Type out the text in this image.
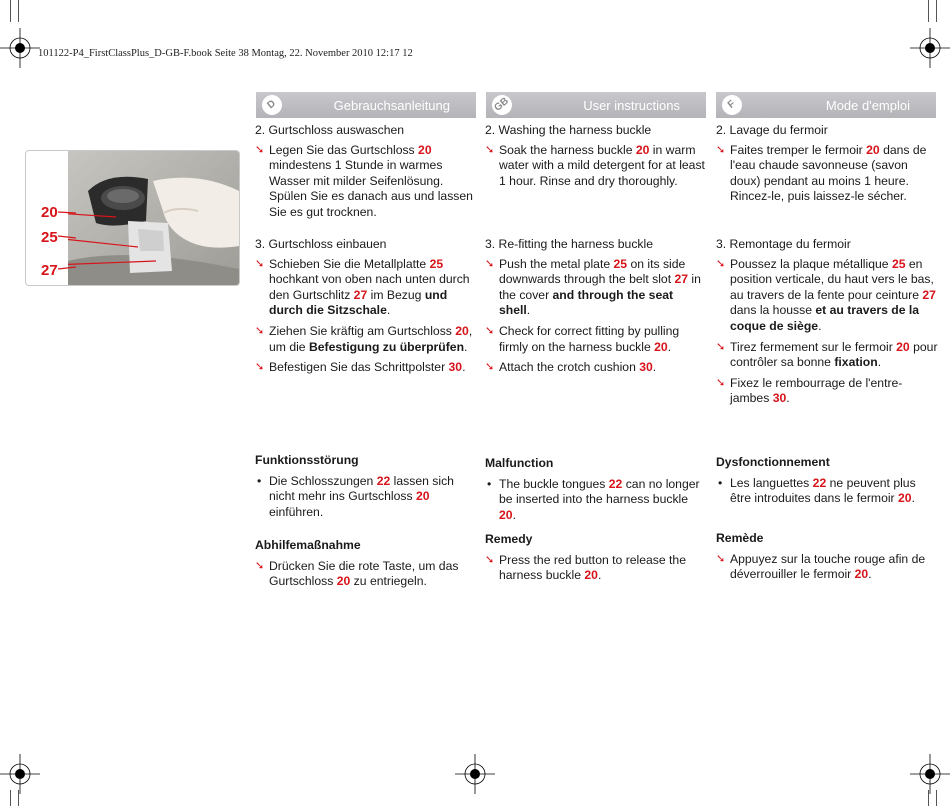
101122-P4_FirstClassPlus_D-GB-F.book Seite 38 Montag, 22. November 2010 12:17 12
20
25
27
D	Gebrauchsanleitung	GB	User instructions	F	Mode d'emploi

2. Gurtschloss auswaschen

➘ Legen Sie das Gurtschloss 20 mindestens 1 Stunde in warmes Wasser mit milder Seifenlösung. Spülen Sie es danach aus und lassen Sie es gut trocknen.

3. Gurtschloss einbauen

➘ Schieben Sie die Metallplatte 25 hochkant von oben nach unten durch den Gurtschlitz 27 im Bezug und durch die Sitzschale.

➘ Ziehen Sie kräftig am Gurtschloss 20, um die Befestigung zu überprüfen.

➘ Befestigen Sie das Schrittpolster 30.

Funktionsstörung

• Die Schlosszungen 22 lassen sich nicht mehr ins Gurtschloss 20 einführen.

Abhilfemaßnahme

➘ Drücken Sie die rote Taste, um das Gurtschloss 20 zu entriegeln.

2. Washing the harness buckle

➘ Soak the harness buckle 20 in warm water with a mild detergent for at least 1 hour. Rinse and dry thoroughly.

3. Re-fitting the harness buckle

➘ Push the metal plate 25 on its side downwards through the belt slot 27 in the cover and through the seat shell.

➘ Check for correct fitting by pulling firmly on the harness buckle 20.

➘ Attach the crotch cushion 30.

Malfunction

• The buckle tongues 22 can no longer be inserted into the harness buckle 20.

Remedy

➘ Press the red button to release the harness buckle 20.

2. Lavage du fermoir

➘ Faites tremper le fermoir 20 dans de l'eau chaude savonneuse (savon doux) pendant au moins 1 heure. Rincez-le, puis laissez-le sécher.

3. Remontage du fermoir

➘ Poussez la plaque métallique 25 en position verticale, du haut vers le bas, au travers de la fente pour ceinture 27 dans la housse et au travers de la coque de siège.

➘ Tirez fermement sur le fermoir 20 pour contrôler sa bonne fixation.

➘ Fixez le rembourrage de l'entre-jambes 30.

Dysfonctionnement

• Les languettes 22 ne peuvent plus être introduites dans le fermoir 20.

Remède

➘ Appuyez sur la touche rouge afin de déverrouiller le fermoir 20.
